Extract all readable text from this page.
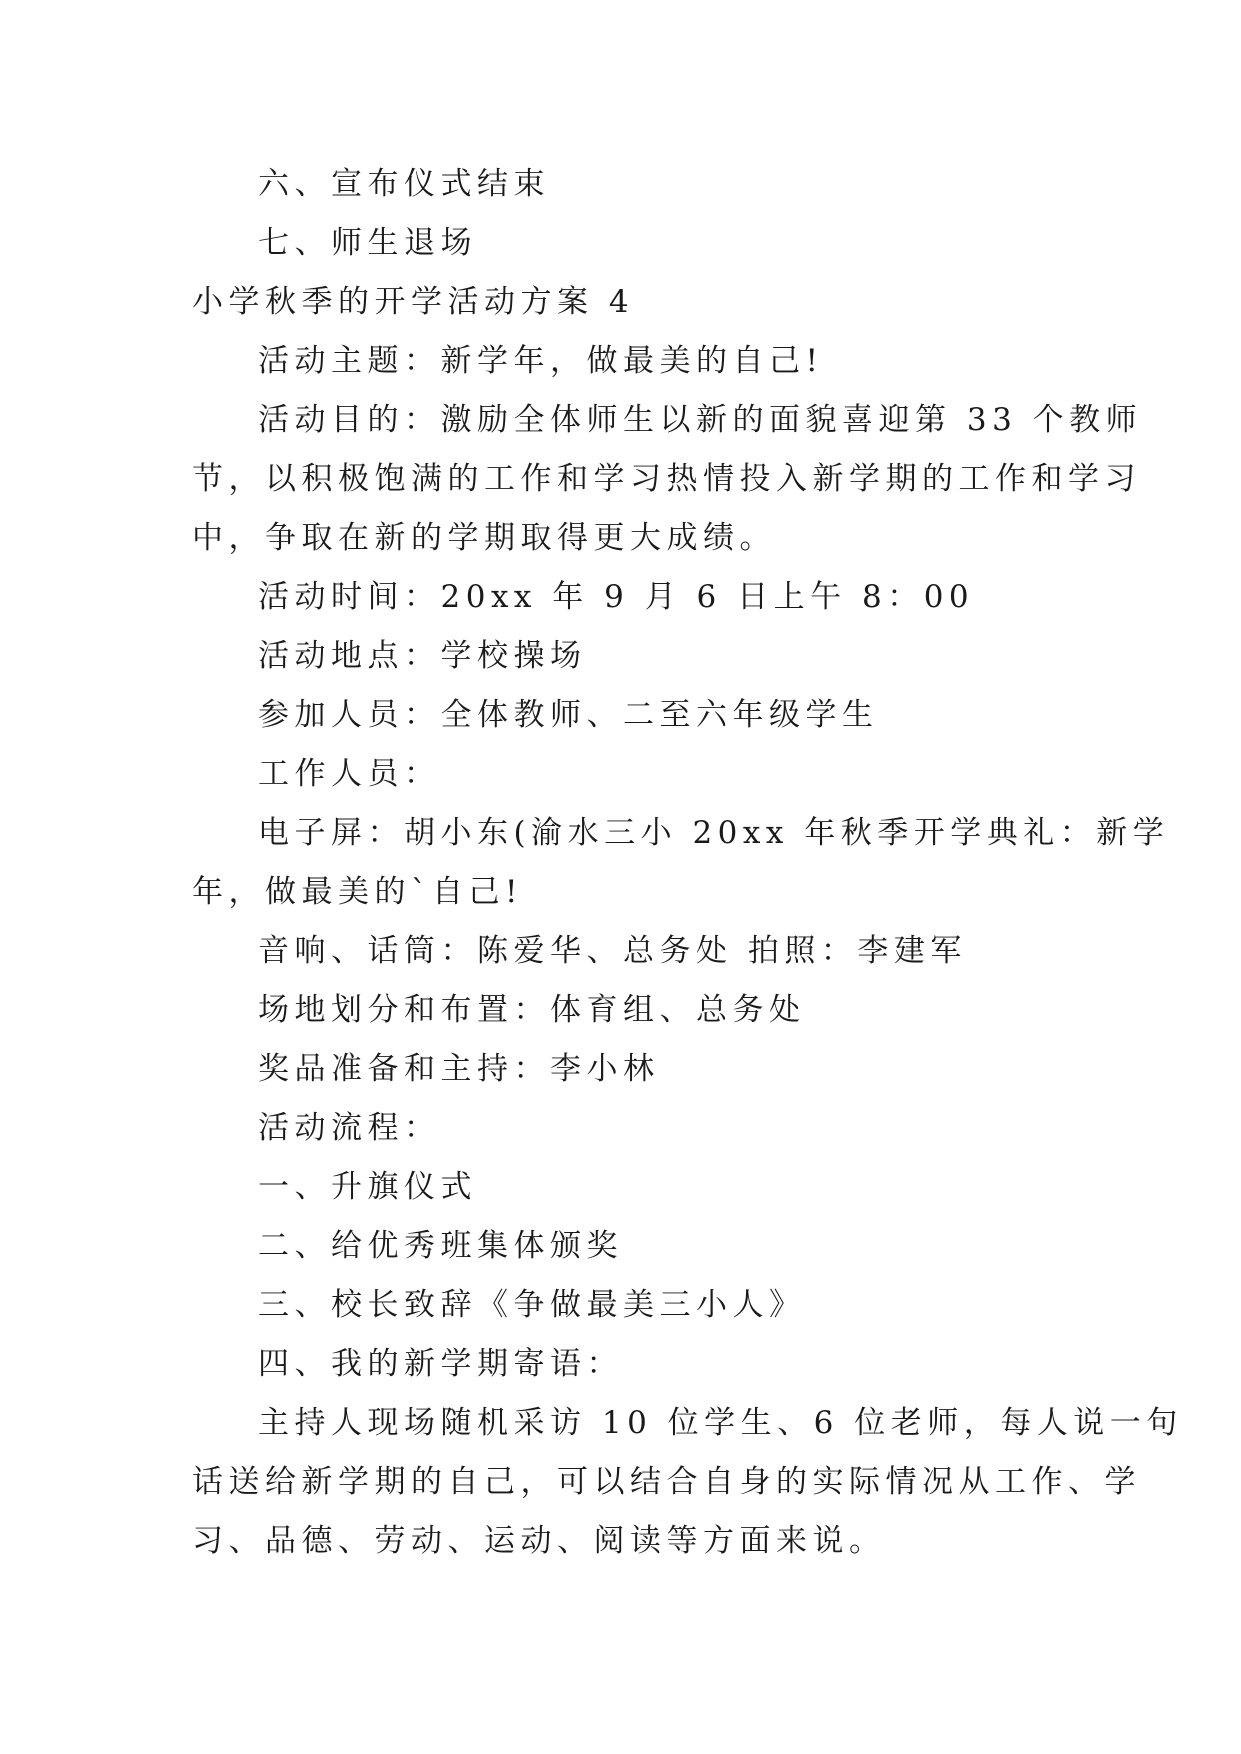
六、宣布仪式结束
七、师生退场
小学秋季的开学活动方案 4
活动主题：新学年，做最美的自己!
活动目的：激励全体师生以新的面貌喜迎第 33 个教师
节，以积极饱满的工作和学习热情投入新学期的工作和学习
中，争取在新的学期取得更大成绩。
活动时间：20xx 年 9 月 6 日上午 8：00
活动地点：学校操场
参加人员：全体教师、二至六年级学生
工作人员：
电子屏：胡小东(渝水三小 20xx 年秋季开学典礼：新学
年，做最美的`自己!
音响、话筒：陈爱华、总务处 拍照：李建军
场地划分和布置：体育组、总务处
奖品准备和主持：李小林
活动流程：
一、升旗仪式
二、给优秀班集体颁奖
三、校长致辞《争做最美三小人》
四、我的新学期寄语：
主持人现场随机采访 10 位学生、6 位老师，每人说一句
话送给新学期的自己，可以结合自身的实际情况从工作、学
习、品德、劳动、运动、阅读等方面来说。
